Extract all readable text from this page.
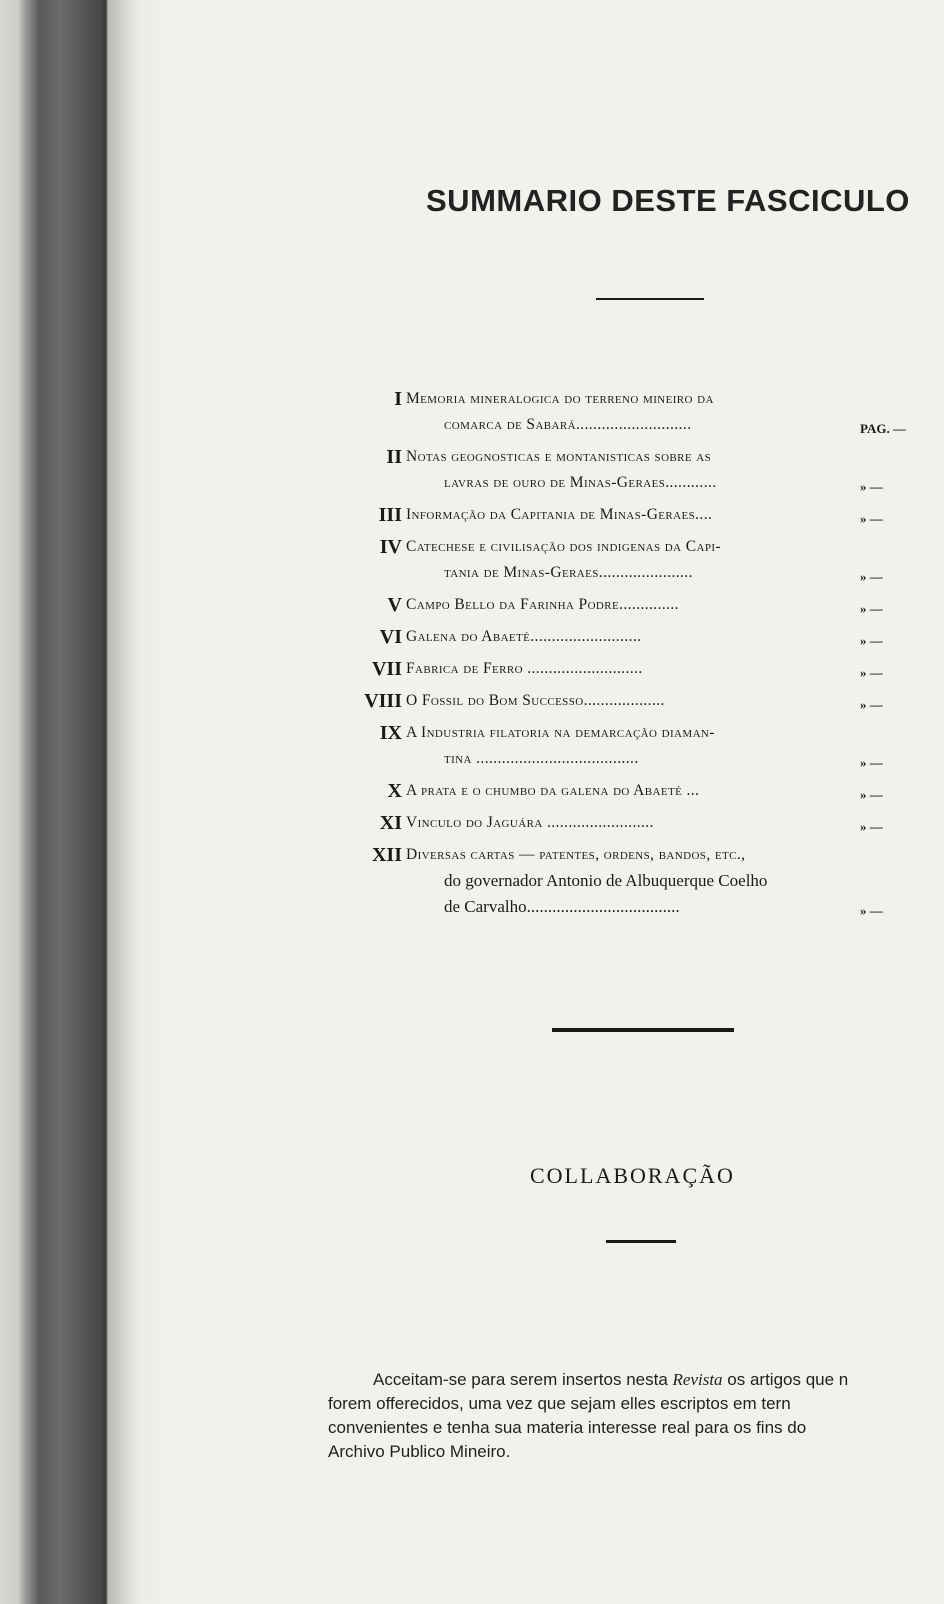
SUMMARIO DESTE FASCICULO
I Memoria mineralogica do terreno mineiro da
comarca de Sabará...........................	PAG. —
II Notas geognosticas e montanisticas sobre as
lavras de ouro de Minas-Geraes............	» —
III Informação da Capitania de Minas-Geraes....	» —
IV Catechese e civilisação dos indigenas da Capi-
tania de Minas-Geraes......................	» —
V Campo Bello da Farinha Podre..............	» —
VI Galena do Abaeté..........................	» —
VII Fabrica de Ferro ...........................	» —
VIII O Fossil do Bom Successo...................	» —
IX A Industria filatoria na demarcação diaman-
tina ......................................	» —
X A prata e o chumbo da galena do Abaeté ...	» —
XI Vinculo do Jaguára .........................	» —
XII Diversas cartas — patentes, ordens, bandos, etc.,
do governador Antonio de Albuquerque Coelho
de Carvalho....................................	» —
COLLABORAÇÃO
Acceitam-se para serem insertos nesta Revista os artigos que n
forem offerecidos, uma vez que sejam elles escriptos em tern
convenientes e tenha sua materia interesse real para os fins do
Archivo Publico Mineiro.
